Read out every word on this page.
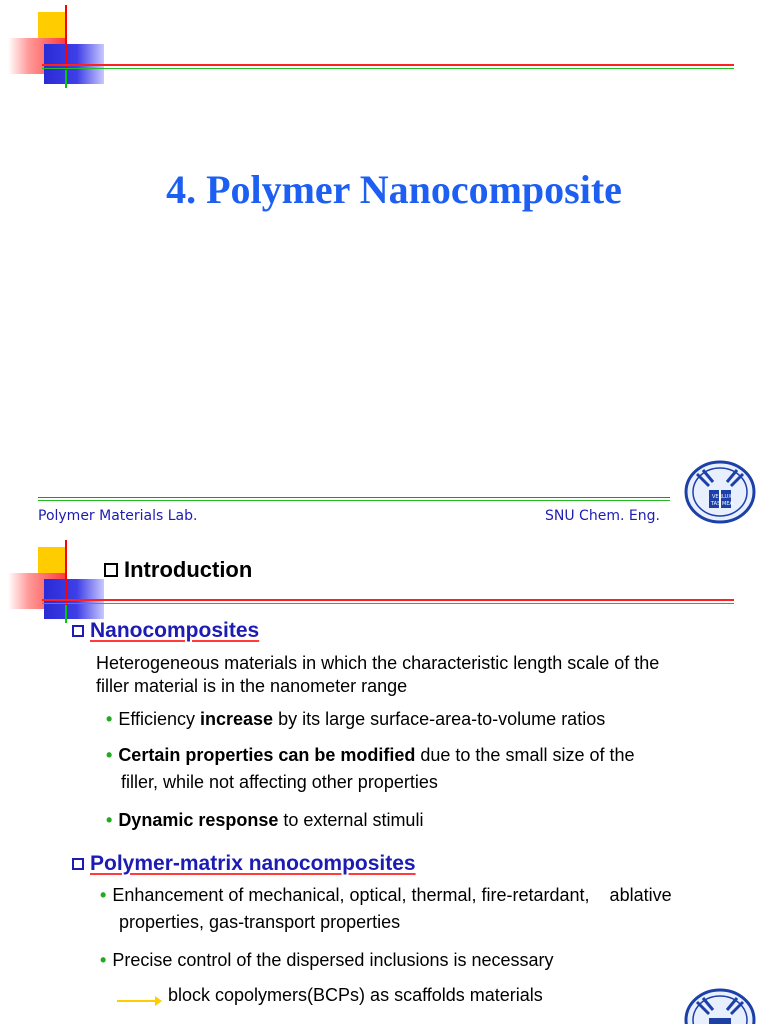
4. Polymer Nanocomposite
Polymer Materials Lab.	SNU Chem. Eng.
VERI
LUX
TAS MEA
Introduction
Nanocomposites
Heterogeneous materials in which the characteristic length scale of the
filler material is in the nanometer range
• Efficiency increase by its large surface-area-to-volume ratios
• Certain properties can be modified due to the small size of the
filler, while not affecting other properties
• Dynamic response to external stimuli
Polymer-matrix nanocomposites
• Enhancement of mechanical, optical, thermal, fire-retardant,    ablative
properties, gas-transport properties
• Precise control of the dispersed inclusions is necessary
block copolymers(BCPs) as scaffolds materials
